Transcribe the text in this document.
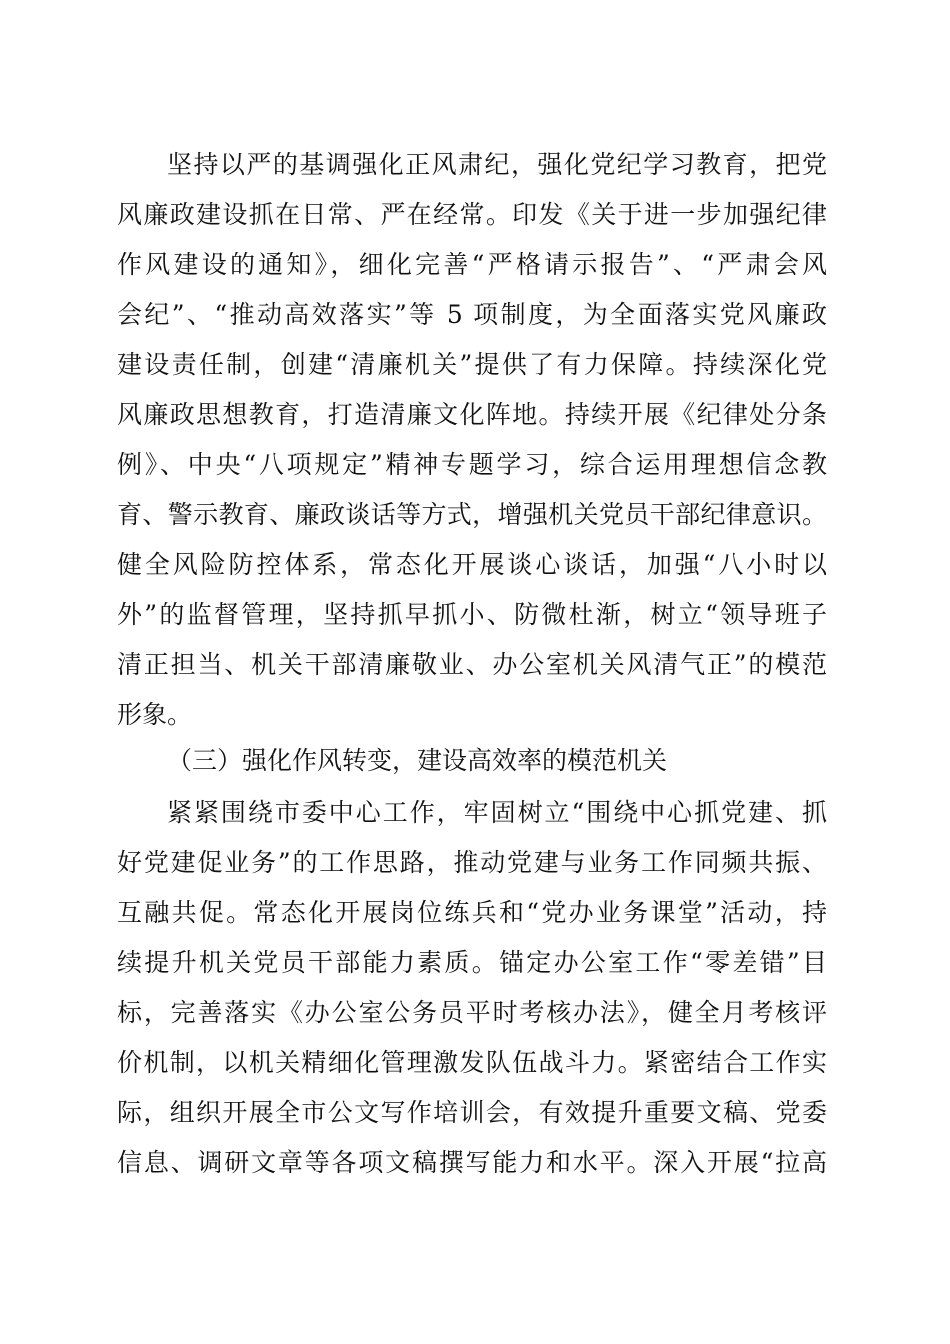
坚持以严的基调强化正风肃纪，强化党纪学习教育，把党
风廉政建设抓在日常、严在经常。印发《关于进一步加强纪律
作风建设的通知》，细化完善“严格请示报告”、“严肃会风
会纪”、“推动高效落实”等 5 项制度，为全面落实党风廉政
建设责任制，创建“清廉机关”提供了有力保障。持续深化党
风廉政思想教育，打造清廉文化阵地。持续开展《纪律处分条
例》、中央“八项规定”精神专题学习，综合运用理想信念教
育、警示教育、廉政谈话等方式，增强机关党员干部纪律意识。
健全风险防控体系，常态化开展谈心谈话，加强“八小时以
外”的监督管理，坚持抓早抓小、防微杜渐，树立“领导班子
清正担当、机关干部清廉敬业、办公室机关风清气正”的模范
形象。
（三）强化作风转变，建设高效率的模范机关
紧紧围绕市委中心工作，牢固树立“围绕中心抓党建、抓
好党建促业务”的工作思路，推动党建与业务工作同频共振、
互融共促。常态化开展岗位练兵和“党办业务课堂”活动，持
续提升机关党员干部能力素质。锚定办公室工作“零差错”目
标，完善落实《办公室公务员平时考核办法》，健全月考核评
价机制，以机关精细化管理激发队伍战斗力。紧密结合工作实
际，组织开展全市公文写作培训会，有效提升重要文稿、党委
信息、调研文章等各项文稿撰写能力和水平。深入开展“拉高
